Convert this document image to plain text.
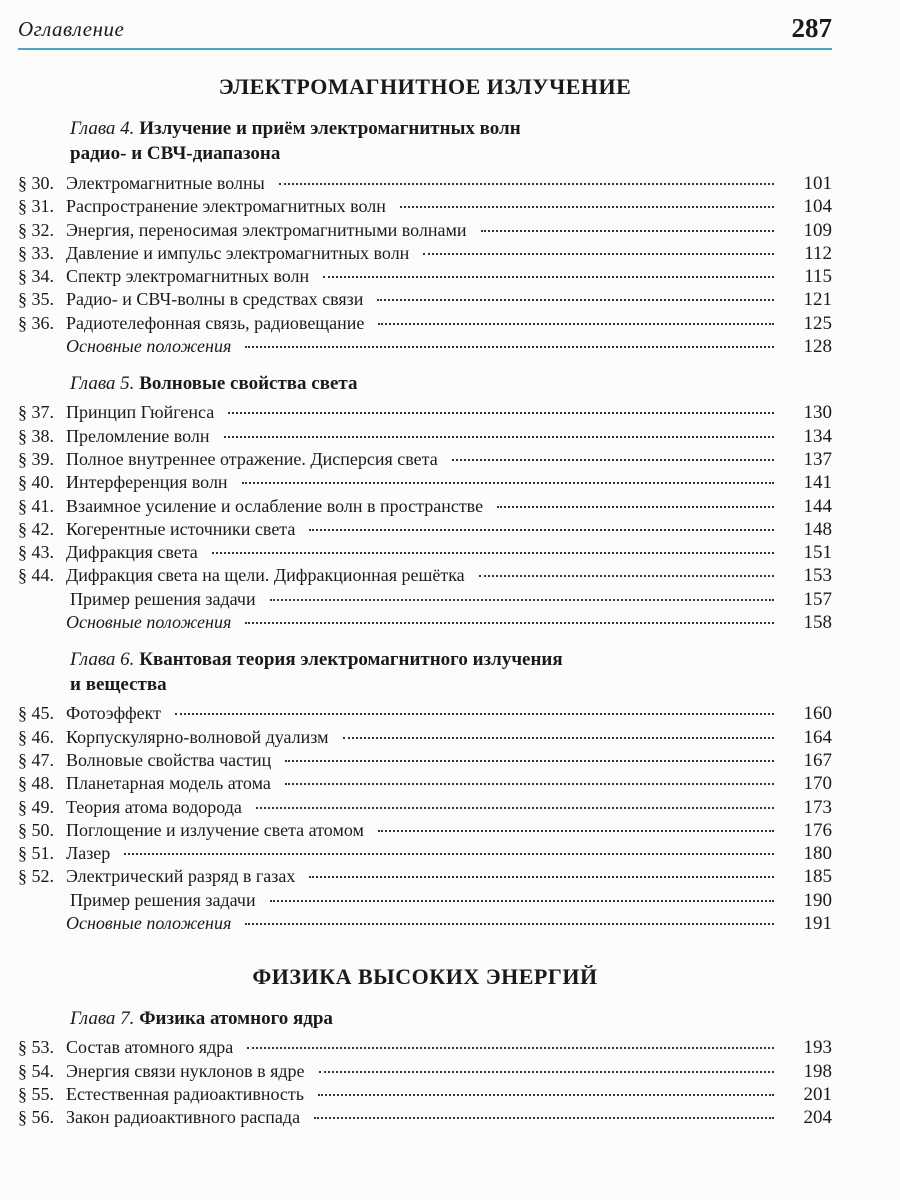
Оглавление	287
ЭЛЕКТРОМАГНИТНОЕ ИЗЛУЧЕНИЕ
Глава 4. Излучение и приём электромагнитных волн
радио- и СВЧ-диапазона
§ 30. Электромагнитные волны	101
§ 31. Распространение электромагнитных волн	104
§ 32. Энергия, переносимая электромагнитными волнами	109
§ 33. Давление и импульс электромагнитных волн	112
§ 34. Спектр электромагнитных волн	115
§ 35. Радио- и СВЧ-волны в средствах связи	121
§ 36. Радиотелефонная связь, радиовещание	125
Основные положения	128
Глава 5. Волновые свойства света
§ 37. Принцип Гюйгенса	130
§ 38. Преломление волн	134
§ 39. Полное внутреннее отражение. Дисперсия света	137
§ 40. Интерференция волн	141
§ 41. Взаимное усиление и ослабление волн в пространстве	144
§ 42. Когерентные источники света	148
§ 43. Дифракция света	151
§ 44. Дифракция света на щели. Дифракционная решётка	153
Пример решения задачи	157
Основные положения	158
Глава 6. Квантовая теория электромагнитного излучения
и вещества
§ 45. Фотоэффект	160
§ 46. Корпускулярно-волновой дуализм	164
§ 47. Волновые свойства частиц	167
§ 48. Планетарная модель атома	170
§ 49. Теория атома водорода	173
§ 50. Поглощение и излучение света атомом	176
§ 51. Лазер	180
§ 52. Электрический разряд в газах	185
Пример решения задачи	190
Основные положения	191
ФИЗИКА ВЫСОКИХ ЭНЕРГИЙ
Глава 7. Физика атомного ядра
§ 53. Состав атомного ядра	193
§ 54. Энергия связи нуклонов в ядре	198
§ 55. Естественная радиоактивность	201
§ 56. Закон радиоактивного распада	204
